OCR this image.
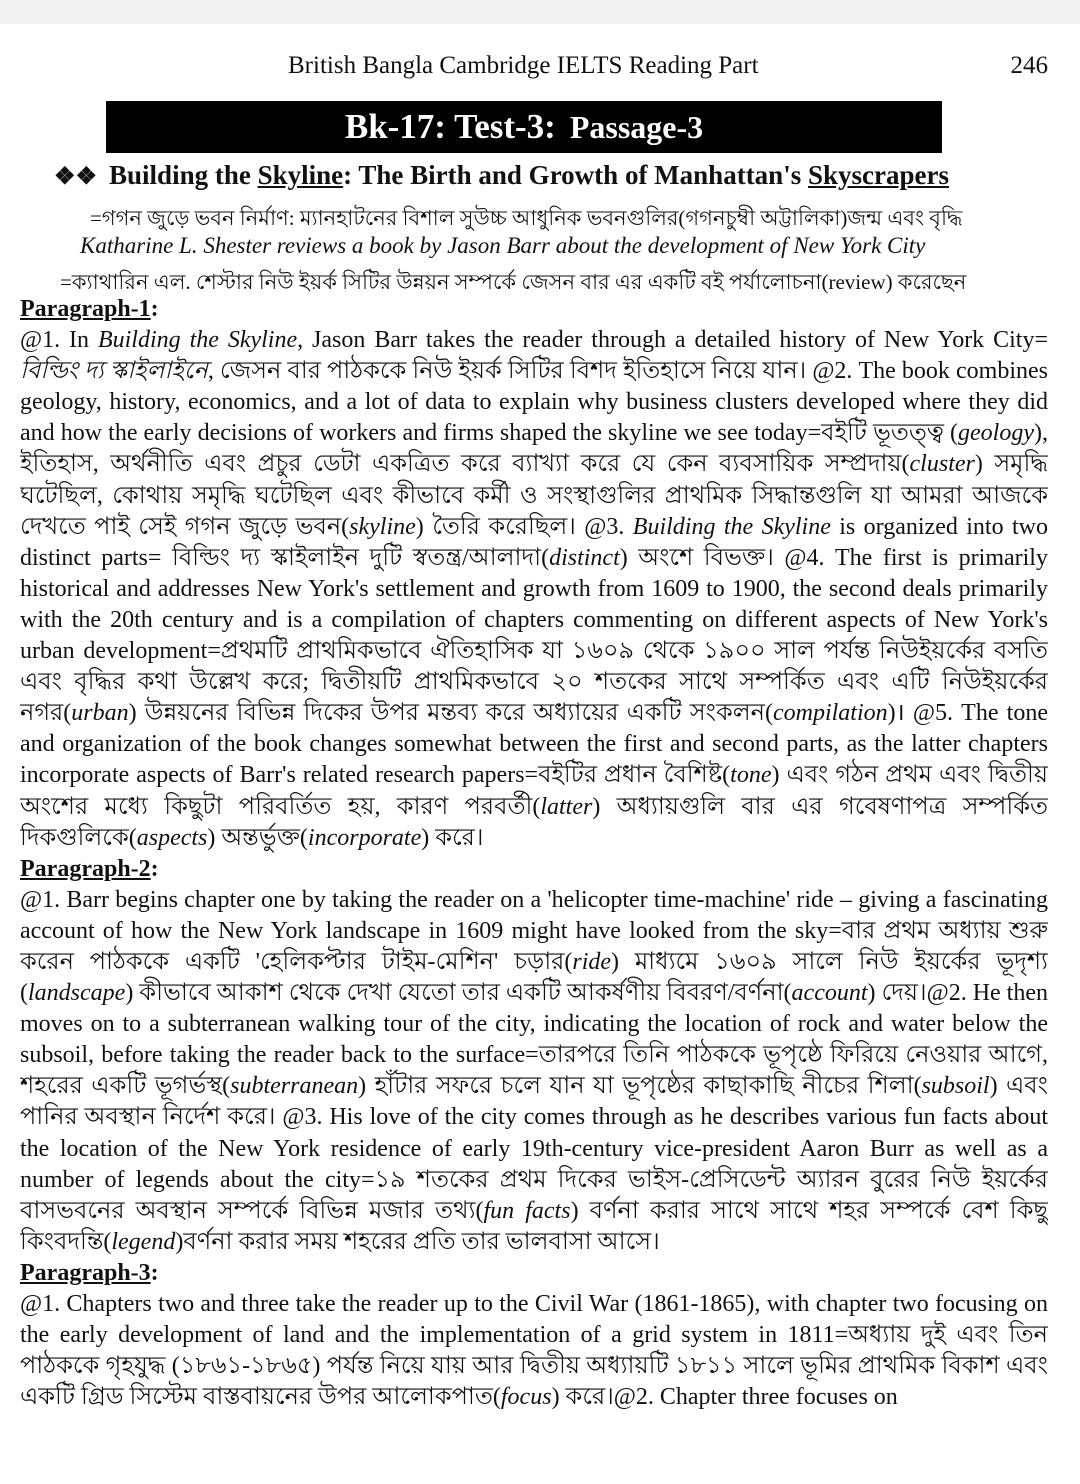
British Bangla Cambridge IELTS Reading Part	246
Bk-17: Test-3: Passage-3
❖❖ Building the Skyline: The Birth and Growth of Manhattan's Skyscrapers
=গগন জুড়ে ভবন নির্মাণ: ম্যানহাটনের বিশাল সুউচ্চ আধুনিক ভবনগুলির(গগনচুম্বী অট্টালিকা)জন্ম এবং বৃদ্ধি
Katharine L. Shester reviews a book by Jason Barr about the development of New York City
=ক্যাথারিন এল. শেস্টার নিউ ইয়র্ক সিটির উন্নয়ন সম্পর্কে জেসন বার এর একটি বই পর্যালোচনা(review) করেছেন
Paragraph-1:

@1. In Building the Skyline, Jason Barr takes the reader through a detailed history of New York City= বিল্ডিং দ্য স্কাইলাইনে, জেসন বার পাঠককে নিউ ইয়র্ক সিটির বিশদ ইতিহাসে নিয়ে যান। @2. The book combines geology, history, economics, and a lot of data to explain why business clusters developed where they did and how the early decisions of workers and firms shaped the skyline we see today=বইটি ভূতত্ত্ব (geology), ইতিহাস, অর্থনীতি এবং প্রচুর ডেটা একত্রিত করে ব্যাখ্যা করে যে কেন ব্যবসায়িক সম্প্রদায়(cluster) সমৃদ্ধি ঘটেছিল, কোথায় সমৃদ্ধি ঘটেছিল এবং কীভাবে কর্মী ও সংস্থাগুলির প্রাথমিক সিদ্ধান্তগুলি যা আমরা আজকে দেখতে পাই সেই গগন জুড়ে ভবন(skyline) তৈরি করেছিল। @3. Building the Skyline is organized into two distinct parts= বিল্ডিং দ্য স্কাইলাইন দুটি স্বতন্ত্র/আলাদা(distinct) অংশে বিভক্ত। @4. The first is primarily historical and addresses New York's settlement and growth from 1609 to 1900, the second deals primarily with the 20th century and is a compilation of chapters commenting on different aspects of New York's urban development=প্রথমটি প্রাথমিকভাবে ঐতিহাসিক যা ১৬০৯ থেকে ১৯০০ সাল পর্যন্ত নিউইয়র্কের বসতি এবং বৃদ্ধির কথা উল্লেখ করে; দ্বিতীয়টি প্রাথমিকভাবে ২০ শতকের সাথে সম্পর্কিত এবং এটি নিউইয়র্কের নগর(urban) উন্নয়নের বিভিন্ন দিকের উপর মন্তব্য করে অধ্যায়ের একটি সংকলন(compilation)। @5. The tone and organization of the book changes somewhat between the first and second parts, as the latter chapters incorporate aspects of Barr's related research papers=বইটির প্রধান বৈশিষ্ট(tone) এবং গঠন প্রথম এবং দ্বিতীয় অংশের মধ্যে কিছুটা পরিবর্তিত হয়, কারণ পরবর্তী(latter) অধ্যায়গুলি বার এর গবেষণাপত্র সম্পর্কিত দিকগুলিকে(aspects) অন্তর্ভুক্ত(incorporate) করে।

Paragraph-2:

@1. Barr begins chapter one by taking the reader on a 'helicopter time-machine' ride – giving a fascinating account of how the New York landscape in 1609 might have looked from the sky=বার প্রথম অধ্যায় শুরু করেন পাঠককে একটি 'হেলিকপ্টার টাইম-মেশিন' চড়ার(ride) মাধ্যমে ১৬০৯ সালে নিউ ইয়র্কের ভূদৃশ্য (landscape) কীভাবে আকাশ থেকে দেখা যেতো তার একটি আকর্ষণীয় বিবরণ/বর্ণনা(account) দেয়।@2. He then moves on to a subterranean walking tour of the city, indicating the location of rock and water below the subsoil, before taking the reader back to the surface=তারপরে তিনি পাঠককে ভূপৃষ্ঠে ফিরিয়ে নেওয়ার আগে, শহরের একটি ভূগর্ভস্থ(subterranean) হাঁটার সফরে চলে যান যা ভূপৃষ্ঠের কাছাকাছি নীচের শিলা(subsoil) এবং পানির অবস্থান নির্দেশ করে। @3. His love of the city comes through as he describes various fun facts about the location of the New York residence of early 19th-century vice-president Aaron Burr as well as a number of legends about the city=১৯ শতকের প্রথম দিকের ভাইস-প্রেসিডেন্ট অ্যারন বুরের নিউ ইয়র্কের বাসভবনের অবস্থান সম্পর্কে বিভিন্ন মজার তথ্য(fun facts) বর্ণনা করার সাথে সাথে শহর সম্পর্কে বেশ কিছু কিংবদন্তি(legend)বর্ণনা করার সময় শহরের প্রতি তার ভালবাসা আসে।

Paragraph-3:

@1. Chapters two and three take the reader up to the Civil War (1861-1865), with chapter two focusing on the early development of land and the implementation of a grid system in 1811=অধ্যায় দুই এবং তিন পাঠককে গৃহযুদ্ধ (১৮৬১-১৮৬৫) পর্যন্ত নিয়ে যায় আর দ্বিতীয় অধ্যায়টি ১৮১১ সালে ভূমির প্রাথমিক বিকাশ এবং একটি গ্রিড সিস্টেম বাস্তবায়নের উপর আলোকপাত(focus) করে।@2. Chapter three focuses on
